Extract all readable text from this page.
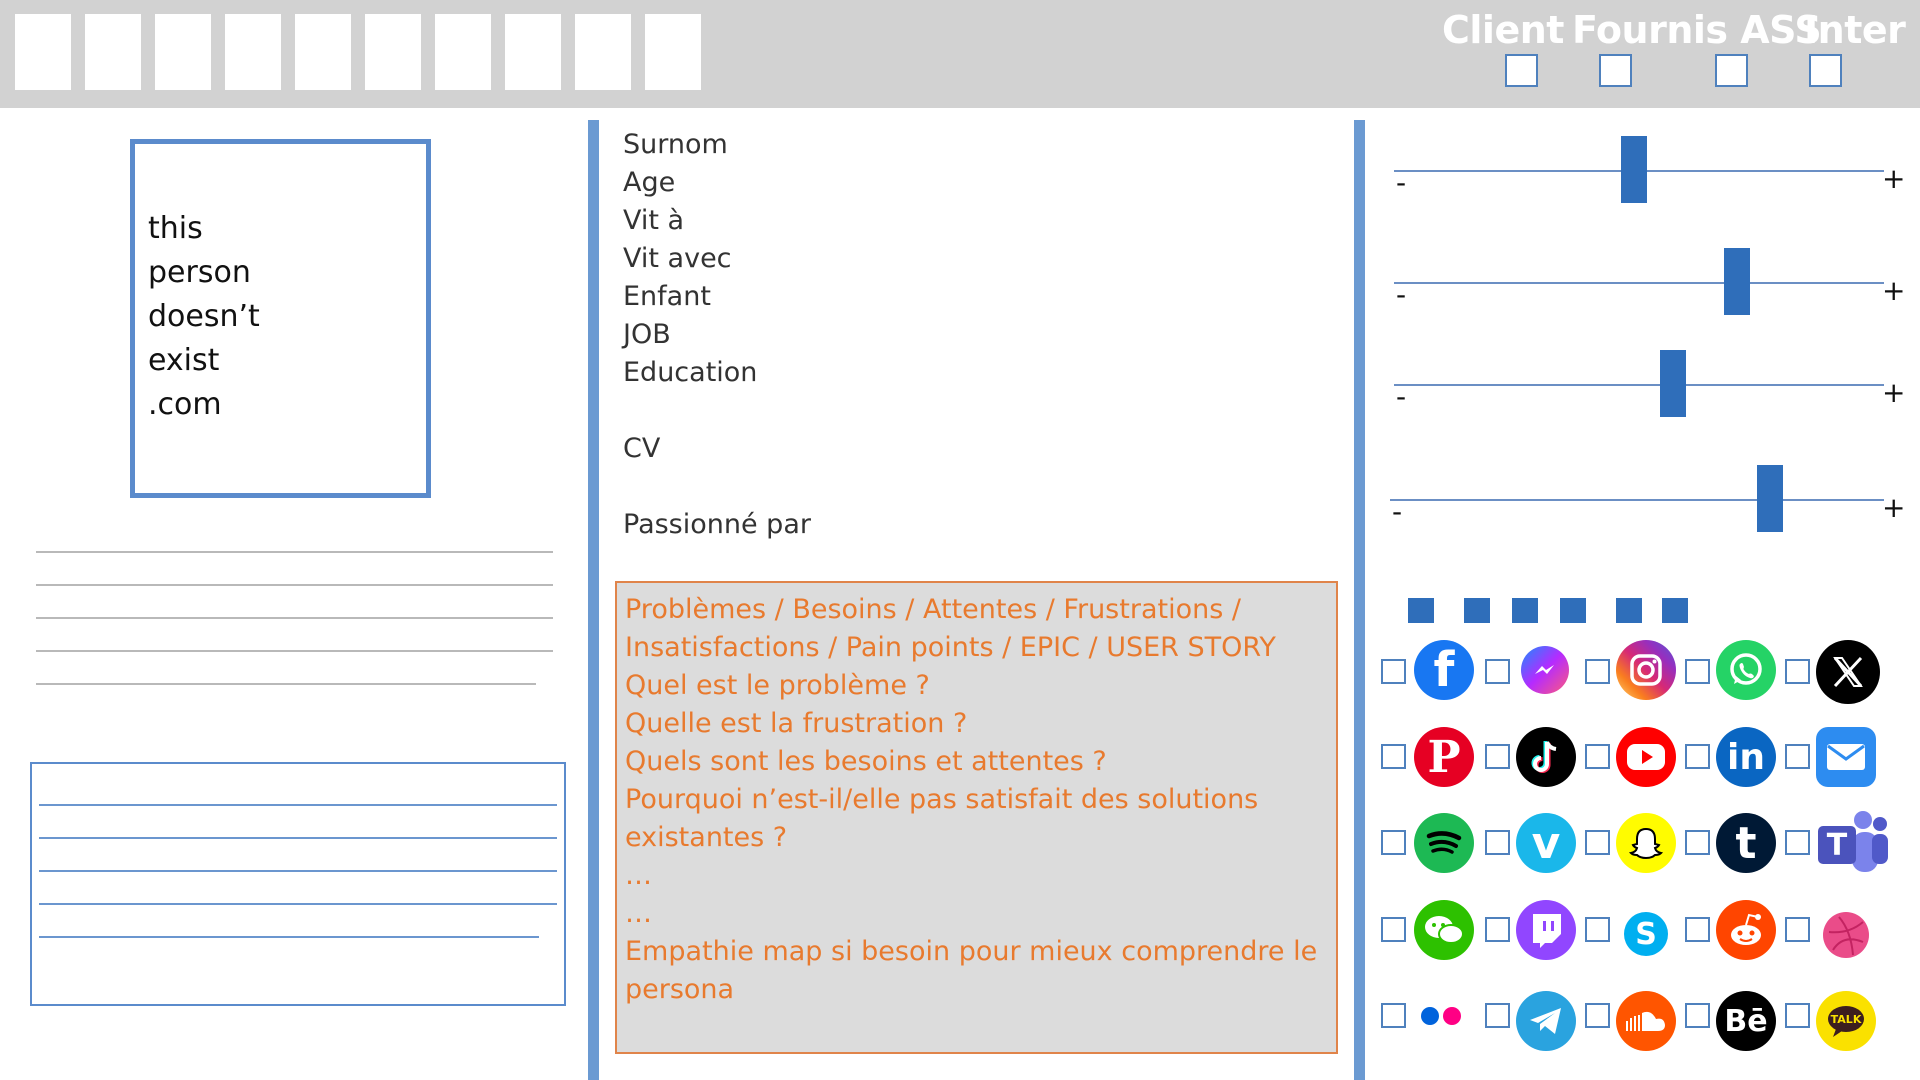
Client Fournis ASS
Inter
this
person
doesn’t
exist
.com
Surnom
Age
Vit à
Vit avec
Enfant
JOB
Education
CV
Passionné par
Problèmes / Besoins / Attentes / Frustrations /
Insatisfactions / Pain points / EPIC / USER STORY
Quel est le problème ?
Quelle est la frustration ?
Quels sont les besoins et attentes ?
Pourquoi n’est-il/elle pas satisfait des solutions
existantes ?
…
…
Empathie map si besoin pour mieux comprendre le
persona
-	+
-	+
-	+
-	+
f
P	in
v	t	T
S
Bē	TALK
